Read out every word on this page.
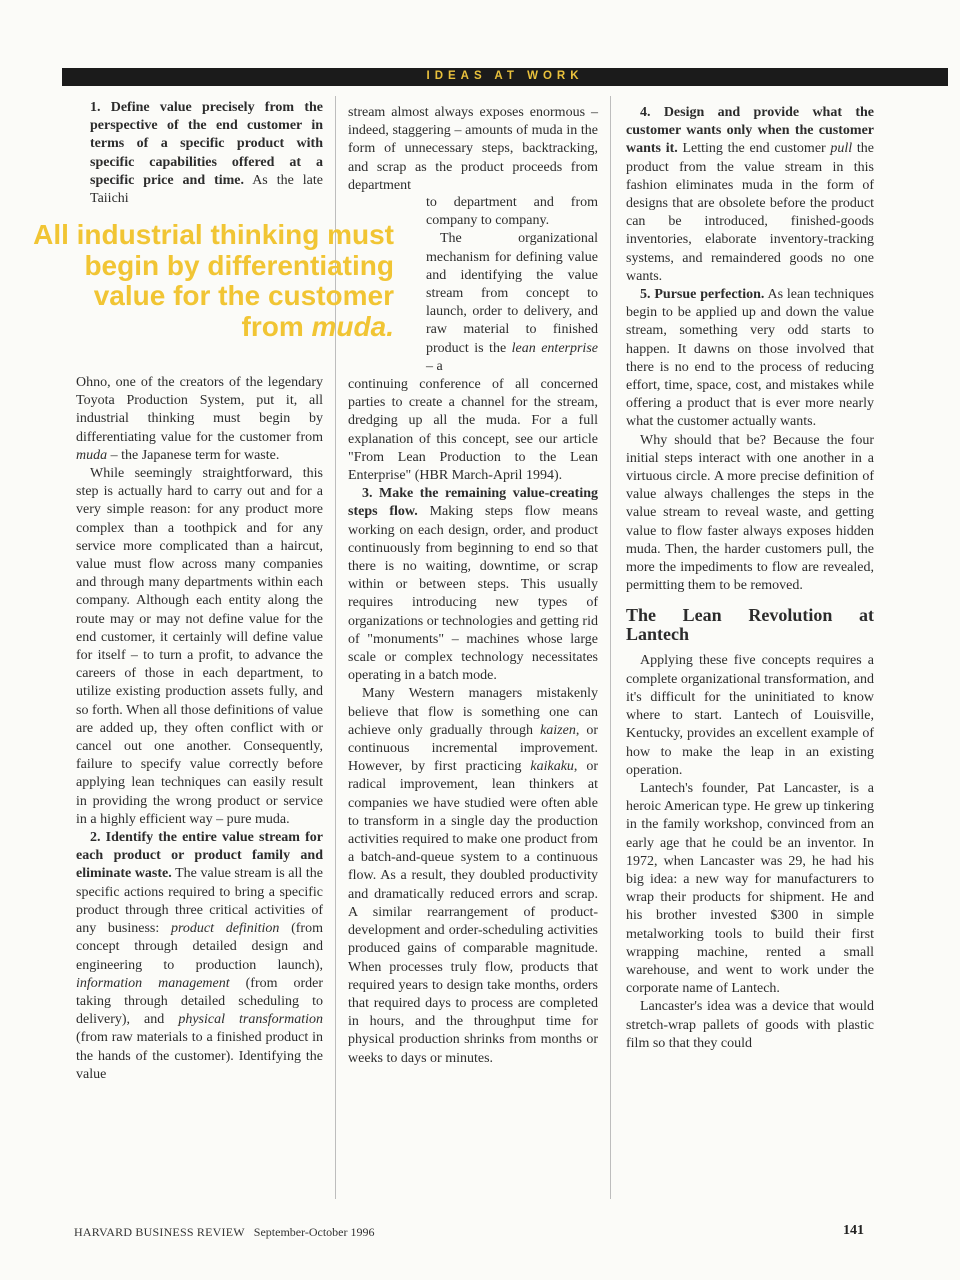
IDEAS AT WORK

1. Define value precisely from the perspective of the end customer in terms of a specific product with specific capabilities offered at a specific price and time. As the late Taiichi

All industrial thinking must
begin by differentiating
value for the customer
from muda.

Ohno, one of the creators of the legendary Toyota Production System, put it, all industrial thinking must begin by differentiating value for the customer from muda – the Japanese term for waste.

While seemingly straightforward, this step is actually hard to carry out and for a very simple reason: for any product more complex than a toothpick and for any service more complicated than a haircut, value must flow across many companies and through many departments within each company. Although each entity along the route may or may not define value for the end customer, it certainly will define value for itself – to turn a profit, to advance the careers of those in each department, to utilize existing production assets fully, and so forth. When all those definitions of value are added up, they often conflict with or cancel out one another. Consequently, failure to specify value correctly before applying lean techniques can easily result in providing the wrong product or service in a highly efficient way – pure muda.

2. Identify the entire value stream for each product or product family and eliminate waste. The value stream is all the specific actions required to bring a specific product through three critical activities of any business: product definition (from concept through detailed design and engineering to production launch), information management (from order taking through detailed scheduling to delivery), and physical transformation (from raw materials to a finished product in the hands of the customer). Identifying the value

stream almost always exposes enormous – indeed, staggering – amounts of muda in the form of unnecessary steps, backtracking, and scrap as the product proceeds from department

to department and from company to company.

The organizational mechanism for defining value and identifying the value stream from concept to launch, order to delivery, and raw material to finished product is the lean enterprise – a

continuing conference of all concerned parties to create a channel for the stream, dredging up all the muda. For a full explanation of this concept, see our article "From Lean Production to the Lean Enterprise" (HBR March-April 1994).

3. Make the remaining value-creating steps flow. Making steps flow means working on each design, order, and product continuously from beginning to end so that there is no waiting, downtime, or scrap within or between steps. This usually requires introducing new types of organizations or technologies and getting rid of "monuments" – machines whose large scale or complex technology necessitates operating in a batch mode.

Many Western managers mistakenly believe that flow is something one can achieve only gradually through kaizen, or continuous incremental improvement. However, by first practicing kaikaku, or radical improvement, lean thinkers at companies we have studied were often able to transform in a single day the production activities required to make one product from a batch-and-queue system to a continuous flow. As a result, they doubled productivity and dramatically reduced errors and scrap. A similar rearrangement of product-development and order-scheduling activities produced gains of comparable magnitude. When processes truly flow, products that required years to design take months, orders that required days to process are completed in hours, and the throughput time for physical production shrinks from months or weeks to days or minutes.

4. Design and provide what the customer wants only when the customer wants it. Letting the end customer pull the product from the value stream in this fashion eliminates muda in the form of designs that are obsolete before the product can be introduced, finished-goods inventories, elaborate inventory-tracking systems, and remaindered goods no one wants.

5. Pursue perfection. As lean techniques begin to be applied up and down the value stream, something very odd starts to happen. It dawns on those involved that there is no end to the process of reducing effort, time, space, cost, and mistakes while offering a product that is ever more nearly what the customer actually wants.

Why should that be? Because the four initial steps interact with one another in a virtuous circle. A more precise definition of value always challenges the steps in the value stream to reveal waste, and getting value to flow faster always exposes hidden muda. Then, the harder customers pull, the more the impediments to flow are revealed, permitting them to be removed.

The Lean Revolution at Lantech

Applying these five concepts requires a complete organizational transformation, and it's difficult for the uninitiated to know where to start. Lantech of Louisville, Kentucky, provides an excellent example of how to make the leap in an existing operation.

Lantech's founder, Pat Lancaster, is a heroic American type. He grew up tinkering in the family workshop, convinced from an early age that he could be an inventor. In 1972, when Lancaster was 29, he had his big idea: a new way for manufacturers to wrap their products for shipment. He and his brother invested $300 in simple metalworking tools to build their first wrapping machine, rented a small warehouse, and went to work under the corporate name of Lantech.

Lancaster's idea was a device that would stretch-wrap pallets of goods with plastic film so that they could

HARVARD BUSINESS REVIEW September-October 1996	141
